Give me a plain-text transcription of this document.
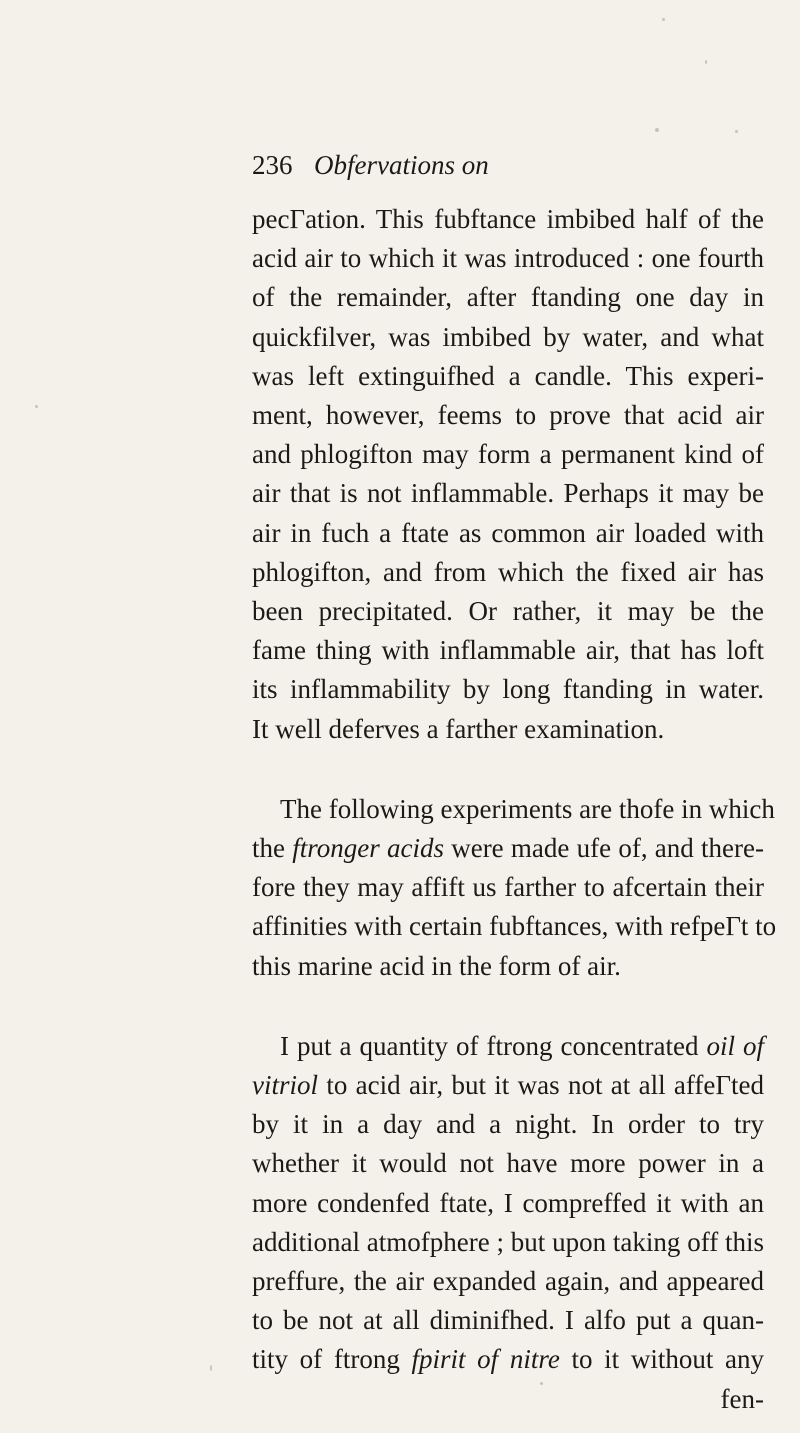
236 Obfervations on
pecΓation. This fubftance imbibed half of the
acid air to which it was introduced : one fourth
of the remainder, after ftanding one day in
quickfilver, was imbibed by water, and what
was left extinguifhed a candle. This experi-
ment, however, feems to prove that acid air
and phlogifton may form a permanent kind of
air that is not inflammable. Perhaps it may be
air in fuch a ftate as common air loaded with
phlogifton, and from which the fixed air has
been precipitated. Or rather, it may be the
fame thing with inflammable air, that has loft
its inflammability by long ftanding in water.
It well deferves a farther examination.
The following experiments are thofe in which
the ftronger acids were made ufe of, and there-
fore they may affift us farther to afcertain their
affinities with certain fubftances, with refpeΓt to
this marine acid in the form of air.
I put a quantity of ftrong concentrated oil of
vitriol to acid air, but it was not at all affeΓted
by it in a day and a night. In order to try
whether it would not have more power in a
more condenfed ftate, I compreffed it with an
additional atmofphere ; but upon taking off this
preffure, the air expanded again, and appeared
to be not at all diminifhed. I alfo put a quan-
tity of ftrong fpirit of nitre to it without any
fen-
